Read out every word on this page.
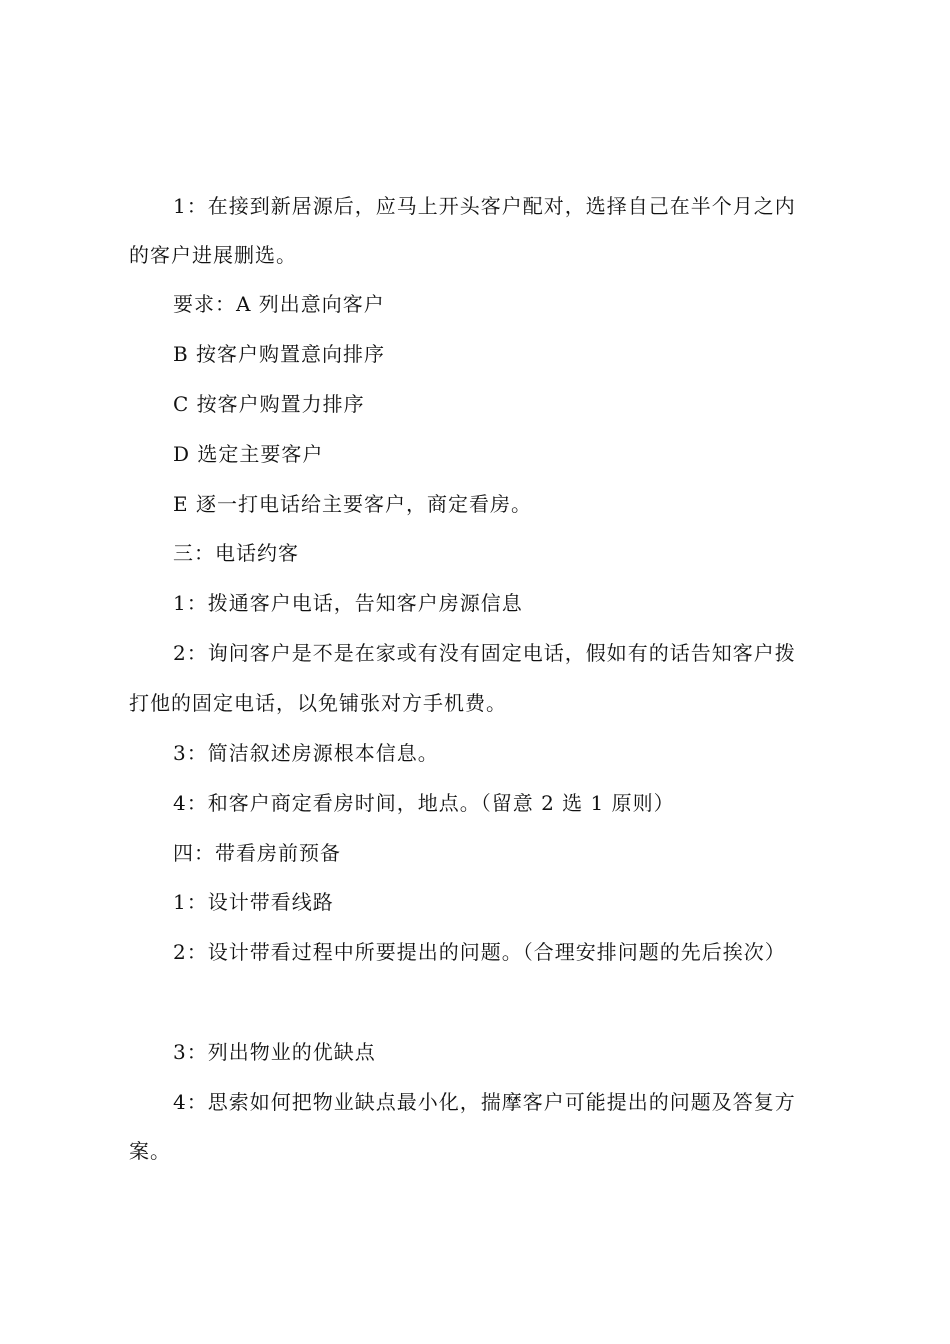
1：在接到新居源后，应马上开头客户配对，选择自己在半个月之内
的客户进展删选。
要求：A 列出意向客户
B 按客户购置意向排序
C 按客户购置力排序
D 选定主要客户
E 逐一打电话给主要客户，商定看房。
三：电话约客
1：拨通客户电话，告知客户房源信息
2：询问客户是不是在家或有没有固定电话，假如有的话告知客户拨
打他的固定电话，以免铺张对方手机费。
3：简洁叙述房源根本信息。
4：和客户商定看房时间，地点。（留意 2 选 1 原则）
四：带看房前预备
1：设计带看线路
2：设计带看过程中所要提出的问题。（合理安排问题的先后挨次）
3：列出物业的优缺点
4：思索如何把物业缺点最小化，揣摩客户可能提出的问题及答复方
案。
